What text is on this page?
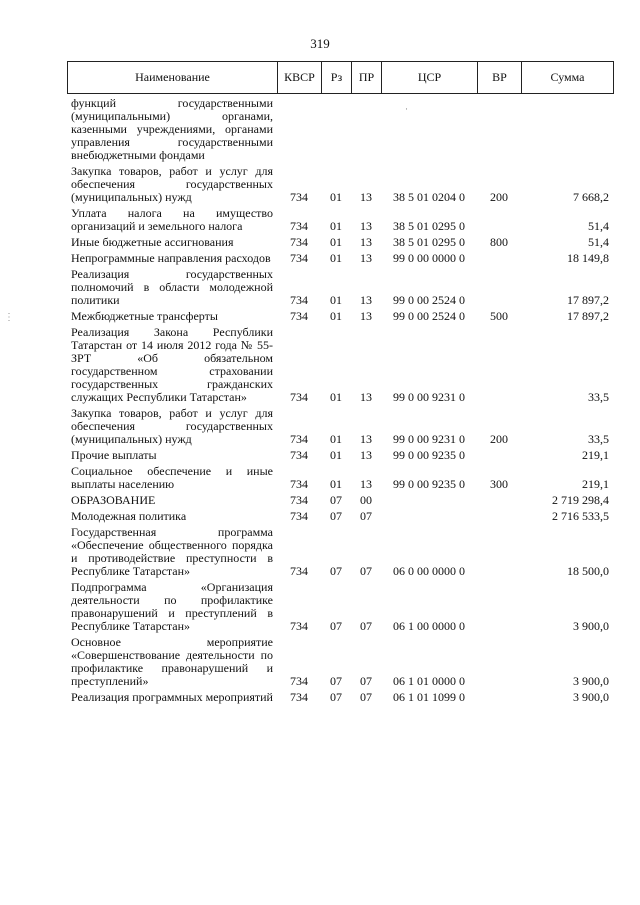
319
Наименование	КВСР	Рз	ПР	ЦСР	ВР	Сумма
функций государственными (муниципальными) органами, казенными учреждениями, органами управления государственными внебюджетными фондами						
Закупка товаров, работ и услуг для обеспечения государственных (муниципальных) нужд	734	01	13	38 5 01 0204 0	200	7 668,2
Уплата налога на имущество организаций и земельного налога	734	01	13	38 5 01 0295 0		51,4
Иные бюджетные ассигнования	734	01	13	38 5 01 0295 0	800	51,4
Непрограммные направления расходов	734	01	13	99 0 00 0000 0		18 149,8
Реализация государственных полномочий в области молодежной политики	734	01	13	99 0 00 2524 0		17 897,2
Межбюджетные трансферты	734	01	13	99 0 00 2524 0	500	17 897,2
Реализация Закона Республики Татарстан от 14 июля 2012 года № 55-ЗРТ «Об обязательном государственном страховании государственных гражданских служащих Республики Татарстан»	734	01	13	99 0 00 9231 0		33,5
Закупка товаров, работ и услуг для обеспечения государственных (муниципальных) нужд	734	01	13	99 0 00 9231 0	200	33,5
Прочие выплаты	734	01	13	99 0 00 9235 0		219,1
Социальное обеспечение и иные выплаты населению	734	01	13	99 0 00 9235 0	300	219,1
ОБРАЗОВАНИЕ	734	07	00			2 719 298,4
Молодежная политика	734	07	07			2 716 533,5
Государственная программа «Обеспечение общественного порядка и противодействие преступности в Республике Татарстан»	734	07	07	06 0 00 0000 0		18 500,0
Подпрограмма «Организация деятельности по профилактике правонарушений и преступлений в Республике Татарстан»	734	07	07	06 1 00 0000 0		3 900,0
Основное мероприятие «Совершенствование деятельности по профилактике правонарушений и преступлений»	734	07	07	06 1 01 0000 0		3 900,0
Реализация программных мероприятий	734	07	07	06 1 01 1099 0		3 900,0
·
⋮
